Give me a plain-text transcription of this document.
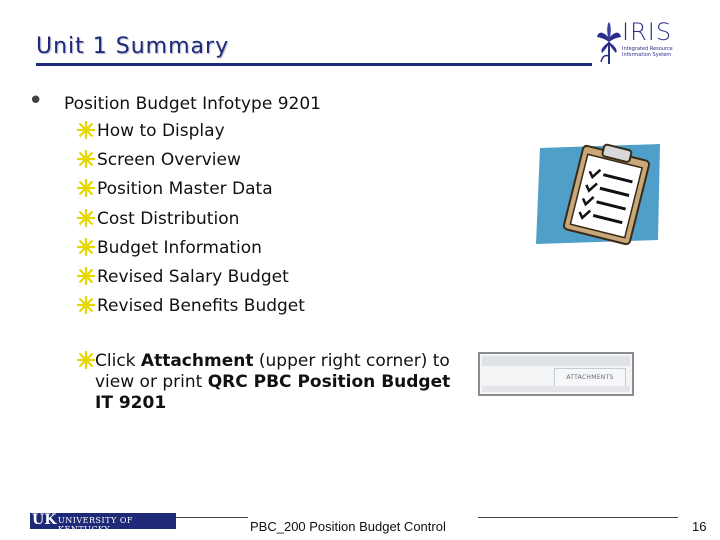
Unit 1 Summary
IRIS
Integrated Resource Information System
• Position Budget Infotype 9201
How to Display
Screen Overview
Position Master Data
Cost Distribution
Budget Information
Revised Salary Budget
Revised Benefits Budget
Click Attachment (upper right corner) to view or print QRC PBC Position Budget IT 9201
ATTACHMENTS
UK UNIVERSITY OF KENTUCKY	PBC_200 Position Budget Control	16
